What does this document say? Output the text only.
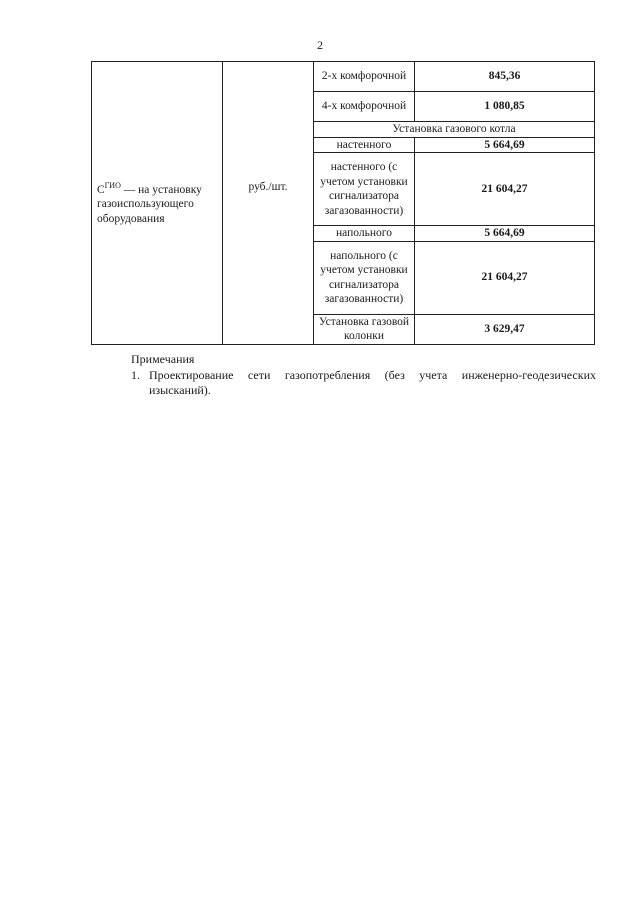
2
$С^{ГИО}$ — на установку газоиспользующего оборудования	руб./шт.	2-х комфорочной	845,36
		4-х комфорочной	1 080,85
		Установка газового котла	
		настенного	5 664,69
		настенного (с учетом установки сигнализатора загазованности)	21 604,27
		напольного	5 664,69
		напольного (с учетом установки сигнализатора загазованности)	21 604,27
		Установка газовой колонки	3 629,47
Примечания
1. Проектирование сети газопотребления (без учета инженерно-геодезических изысканий).
